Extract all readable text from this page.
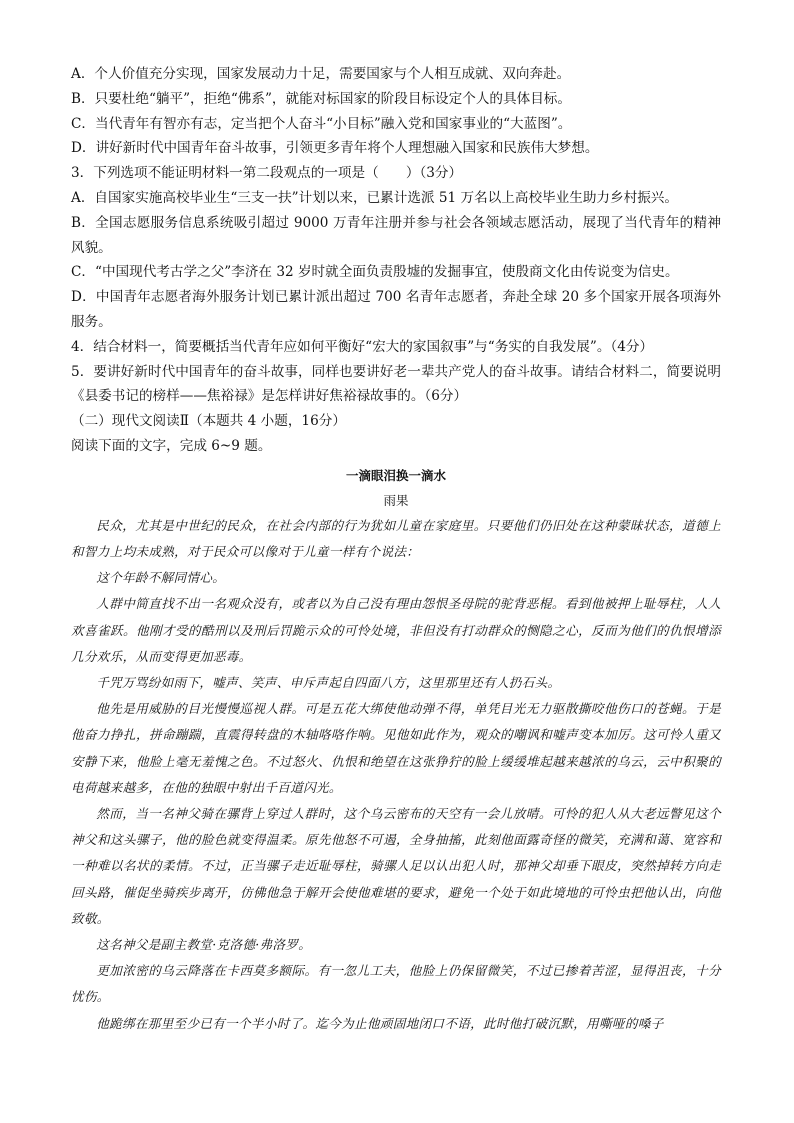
A．个人价值充分实现，国家发展动力十足，需要国家与个人相互成就、双向奔赴。

B．只要杜绝“躺平”，拒绝“佛系”，就能对标国家的阶段目标设定个人的具体目标。

C．当代青年有智亦有志，定当把个人奋斗“小目标”融入党和国家事业的“大蓝图”。

D．讲好新时代中国青年奋斗故事，引领更多青年将个人理想融入国家和民族伟大梦想。

3．下列选项不能证明材料一第二段观点的一项是（　　）（3分）

A．自国家实施高校毕业生“三支一扶”计划以来，已累计选派 51 万名以上高校毕业生助力乡村振兴。

B．全国志愿服务信息系统吸引超过 9000 万青年注册并参与社会各领域志愿活动，展现了当代青年的精神风貌。

C．“中国现代考古学之父”李济在 32 岁时就全面负责殷墟的发掘事宜，使殷商文化由传说变为信史。

D．中国青年志愿者海外服务计划已累计派出超过 700 名青年志愿者，奔赴全球 20 多个国家开展各项海外服务。

4．结合材料一，简要概括当代青年应如何平衡好“宏大的家国叙事”与“务实的自我发展”。（4分）

5．要讲好新时代中国青年的奋斗故事，同样也要讲好老一辈共产党人的奋斗故事。请结合材料二，简要说明《县委书记的榜样——焦裕禄》是怎样讲好焦裕禄故事的。（6分）

（二）现代文阅读Ⅱ（本题共 4 小题，16分）

阅读下面的文字，完成 6~9 题。

一滴眼泪换一滴水

雨果

民众，尤其是中世纪的民众，在社会内部的行为犹如儿童在家庭里。只要他们仍旧处在这种蒙昧状态，道德上和智力上均未成熟，对于民众可以像对于儿童一样有个说法：

这个年龄不解同情心。

人群中简直找不出一名观众没有，或者以为自己没有理由怨恨圣母院的驼背恶棍。看到他被押上耻辱柱，人人欢喜雀跃。他刚才受的酷刑以及刑后罚跪示众的可怜处境，非但没有打动群众的恻隐之心，反而为他们的仇恨增添几分欢乐，从而变得更加恶毒。

千咒万骂纷如雨下，嘘声、笑声、申斥声起自四面八方，这里那里还有人扔石头。

他先是用威胁的目光慢慢巡视人群。可是五花大绑使他动弹不得，单凭目光无力驱散撕咬他伤口的苍蝇。于是他奋力挣扎，拼命蹦踹，直震得转盘的木轴咯咯作响。见他如此作为，观众的嘲讽和嘘声变本加厉。这可怜人重又安静下来，他脸上毫无羞愧之色。不过怒火、仇恨和绝望在这张狰狞的脸上缓缓堆起越来越浓的乌云，云中积聚的电荷越来越多，在他的独眼中射出千百道闪光。

然而，当一名神父骑在骡背上穿过人群时，这个乌云密布的天空有一会儿放晴。可怜的犯人从大老远瞥见这个神父和这头骡子，他的脸色就变得温柔。原先他怒不可遏，全身抽搐，此刻他面露奇怪的微笑，充满和蔼、宽容和一种难以名状的柔情。不过，正当骡子走近耻辱柱，骑骡人足以认出犯人时，那神父却垂下眼皮，突然掉转方向走回头路，催促坐骑疾步离开，仿佛他急于解开会使他难堪的要求，避免一个处于如此境地的可怜虫把他认出，向他致敬。

这名神父是副主教堂·克洛德·弗洛罗。

更加浓密的乌云降落在卡西莫多额际。有一忽儿工夫，他脸上仍保留微笑，不过已掺着苦涩，显得沮丧，十分忧伤。

他跪绑在那里至少已有一个半小时了。迄今为止他顽固地闭口不语，此时他打破沉默，用嘶哑的嗓子
